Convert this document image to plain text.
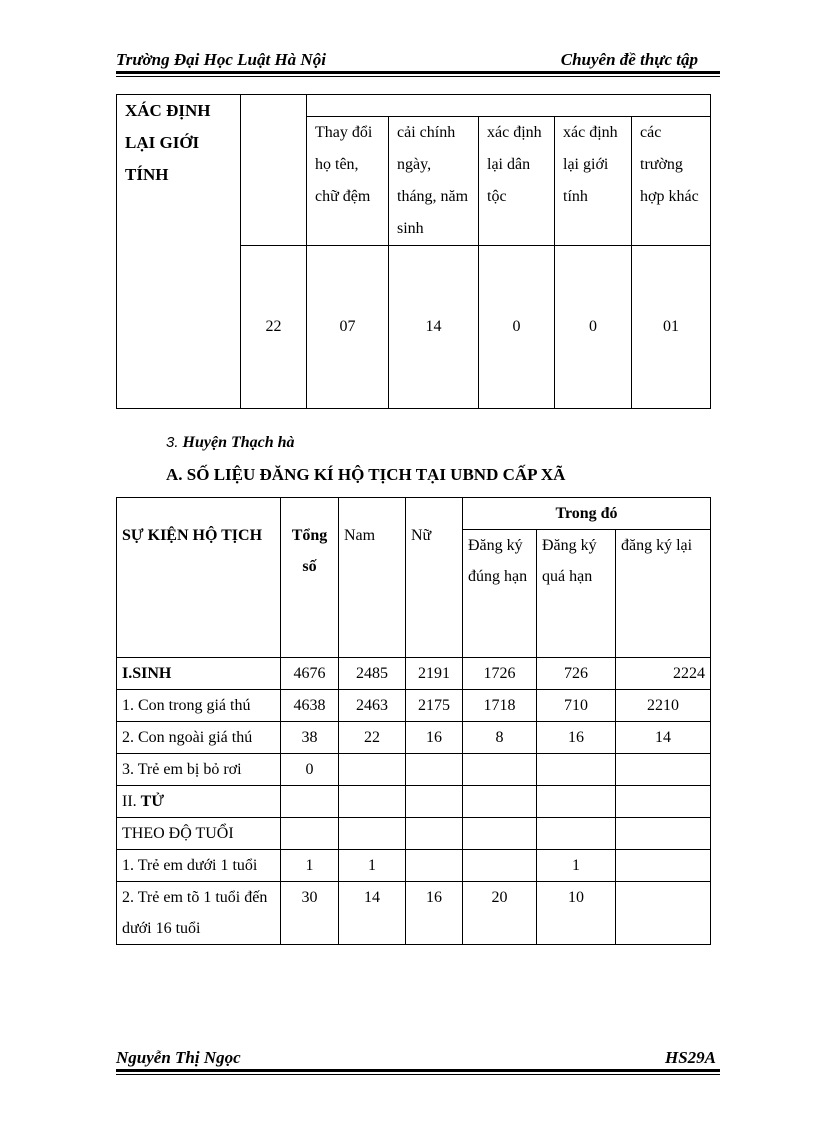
Trường Đại Học Luật Hà Nội	Chuyên đề thực tập
XÁC ĐỊNH LẠI GIỚI TÍNH						
		Thay đổi họ tên, chữ đệm	cải chính ngày, tháng, năm sinh	xác định lại dân tộc	xác định lại giới tính	các trường hợp khác
	22	07	14	0	0	01
3. Huyện Thạch hà
A. SỐ LIỆU ĐĂNG KÍ HỘ TỊCH TẠI UBND CẤP XÃ
SỰ KIỆN HỘ TỊCH	Tổng số	Nam	Nữ	Trong đó		
				Đăng ký đúng hạn	Đăng ký quá hạn	đăng ký lại
I.SINH	4676	2485	2191	1726	726	2224
1. Con trong giá thú	4638	2463	2175	1718	710	2210
2. Con ngoài giá thú	38	22	16	8	16	14
3. Trẻ em bị bỏ rơi	0					
II. TỬ						
THEO ĐỘ TUỔI						
1. Trẻ em dưới 1 tuổi	1	1			1	
2. Trẻ em tõ 1 tuổi đến dưới 16 tuổi	30	14	16	20	10	
Nguyễn Thị Ngọc	HS29A
